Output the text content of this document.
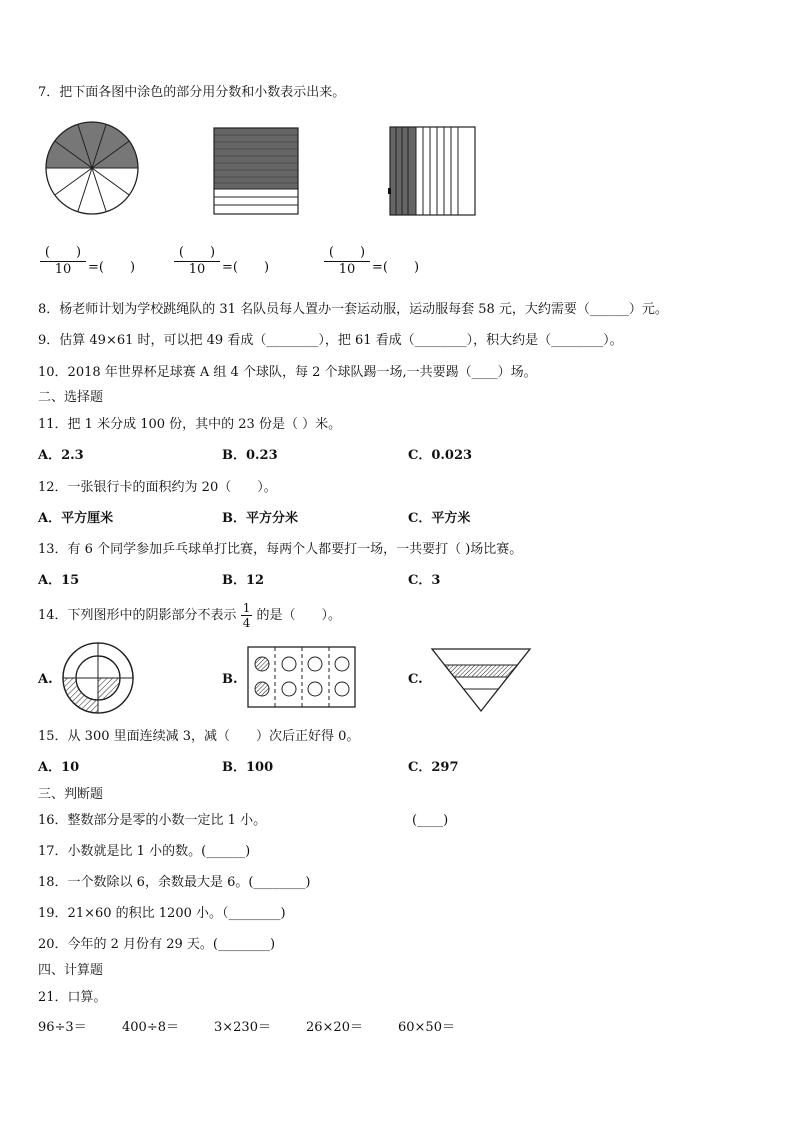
7．把下面各图中涂色的部分用分数和小数表示出来。
(　　)
10	=(　　)
(　　)
10	=(　　)
(　　)
10	=(　　)
8．杨老师计划为学校跳绳队的 31 名队员每人置办一套运动服，运动服每套 58 元，大约需要（______）元。
9．估算 49×61 时，可以把 49 看成（________），把 61 看成（________），积大约是（________）。
10．2018 年世界杯足球赛 A 组 4 个球队，每 2 个球队踢一场,一共要踢（____）场。
二、选择题
11．把 1 米分成 100 份，其中的 23 份是（ ）米。
A．2.3	B．0.23	C．0.023
12．一张银行卡的面积约为 20（　　）。
A．平方厘米	B．平方分米	C．平方米
13．有 6 个同学参加乒乓球单打比赛，每两个人都要打一场，一共要打（ )场比赛。
A．15	B．12	C．3
14．下列图形中的阴影部分不表示 $\frac{1}{4}$ 的是（　　）。
A.	B.	C.
15．从 300 里面连续减 3，减（　　）次后正好得 0。
A．10	B．100	C．297
三、判断题
16．整数部分是零的小数一定比 1 小。	(____)
17．小数就是比 1 小的数。(______)
18．一个数除以 6，余数最大是 6。(________)
19．21×60 的积比 1200 小。（________)
20．今年的 2 月份有 29 天。(________)
四、计算题
21．口算。
96÷3＝	400÷8＝	3×230＝	26×20＝	60×50＝
